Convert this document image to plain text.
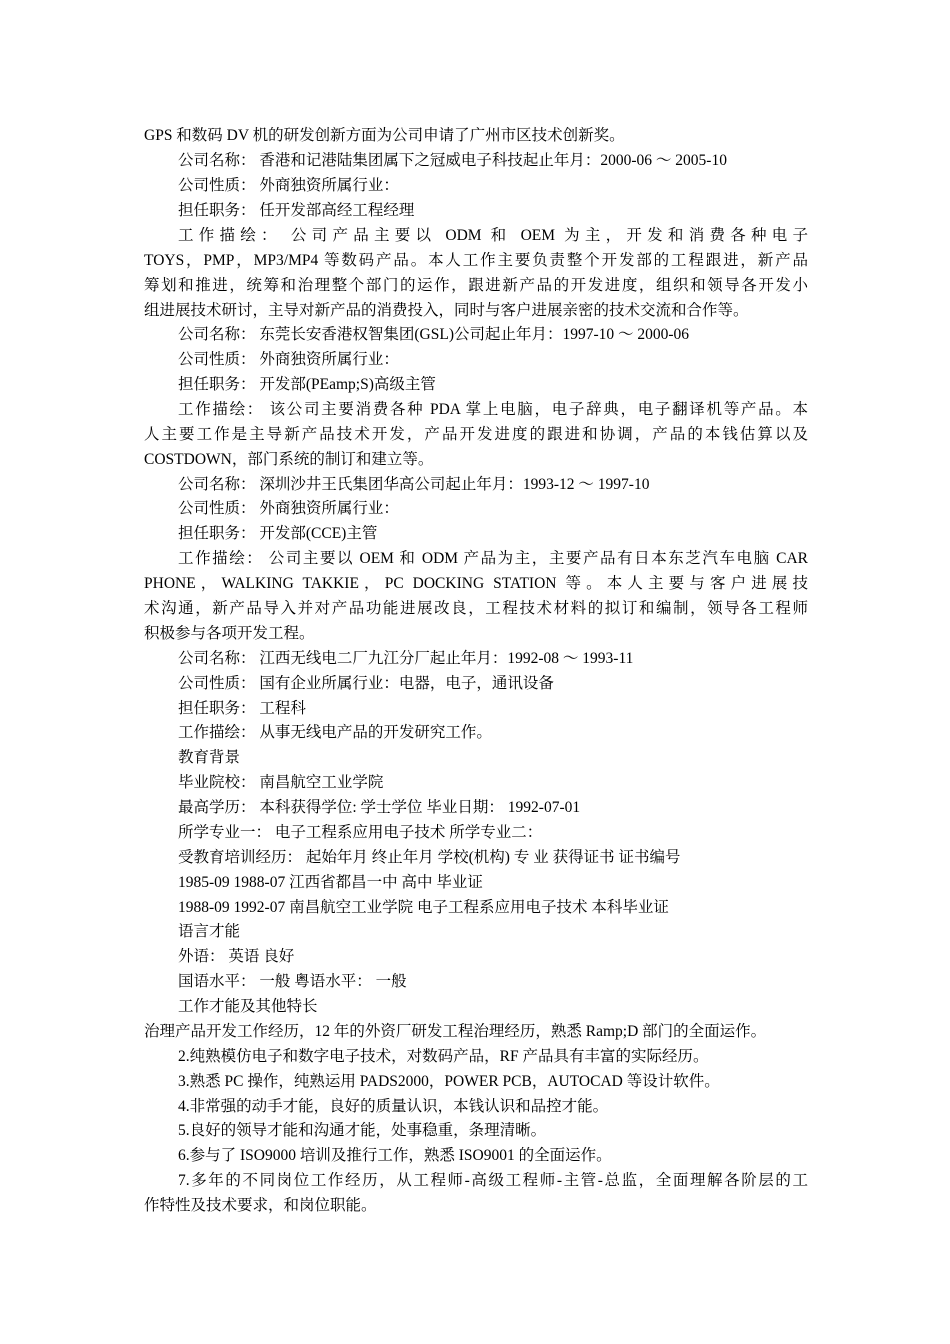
GPS 和数码 DV 机的研发创新方面为公司申请了广州市区技术创新奖。
公司名称： 香港和记港陆集团属下之冠威电子科技起止年月：2000-06 ～ 2005-10
公司性质： 外商独资所属行业：
担任职务： 任开发部高经工程经理
工作描绘： 公司产品主要以 ODM 和 OEM 为主，开发和消费各种电子
TOYS，PMP，MP3/MP4 等数码产品。本人工作主要负责整个开发部的工程跟进，新产品
筹划和推进，统筹和治理整个部门的运作，跟进新产品的开发进度，组织和领导各开发小
组进展技术研讨，主导对新产品的消费投入，同时与客户进展亲密的技术交流和合作等。
公司名称： 东莞长安香港权智集团(GSL)公司起止年月：1997-10 ～ 2000-06
公司性质： 外商独资所属行业：
担任职务： 开发部(PEamp;S)高级主管
工作描绘： 该公司主要消费各种 PDA 掌上电脑，电子辞典，电子翻译机等产品。本
人主要工作是主导新产品技术开发，产品开发进度的跟进和协调，产品的本钱估算以及
COSTDOWN，部门系统的制订和建立等。
公司名称： 深圳沙井王氏集团华高公司起止年月：1993-12 ～ 1997-10
公司性质： 外商独资所属行业：
担任职务： 开发部(CCE)主管
工作描绘： 公司主要以 OEM 和 ODM 产品为主，主要产品有日本东芝汽车电脑 CAR
PHONE，WALKING TAKKIE，PC DOCKING STATION 等。本人主要与客户进展技
术沟通，新产品导入并对产品功能进展改良，工程技术材料的拟订和编制，领导各工程师
积极参与各项开发工程。
公司名称： 江西无线电二厂九江分厂起止年月：1992-08 ～ 1993-11
公司性质： 国有企业所属行业：电器，电子，通讯设备
担任职务： 工程科
工作描绘： 从事无线电产品的开发研究工作。
教育背景
毕业院校： 南昌航空工业学院
最高学历： 本科获得学位: 学士学位 毕业日期： 1992-07-01
所学专业一： 电子工程系应用电子技术 所学专业二：
受教育培训经历： 起始年月 终止年月 学校(机构) 专 业 获得证书 证书编号
1985-09 1988-07 江西省都昌一中 高中 毕业证
1988-09 1992-07 南昌航空工业学院 电子工程系应用电子技术 本科毕业证
语言才能
外语： 英语 良好
国语水平： 一般 粤语水平： 一般
工作才能及其他特长
治理产品开发工作经历，12 年的外资厂研发工程治理经历，熟悉 Ramp;D 部门的全面运作。
2.纯熟模仿电子和数字电子技术，对数码产品，RF 产品具有丰富的实际经历。
3.熟悉 PC 操作，纯熟运用 PADS2000，POWER PCB，AUTOCAD 等设计软件。
4.非常强的动手才能，良好的质量认识，本钱认识和品控才能。
5.良好的领导才能和沟通才能，处事稳重，条理清晰。
6.参与了 ISO9000 培训及推行工作，熟悉 ISO9001 的全面运作。
7.多年的不同岗位工作经历，从工程师-高级工程师-主管-总监，全面理解各阶层的工
作特性及技术要求，和岗位职能。
